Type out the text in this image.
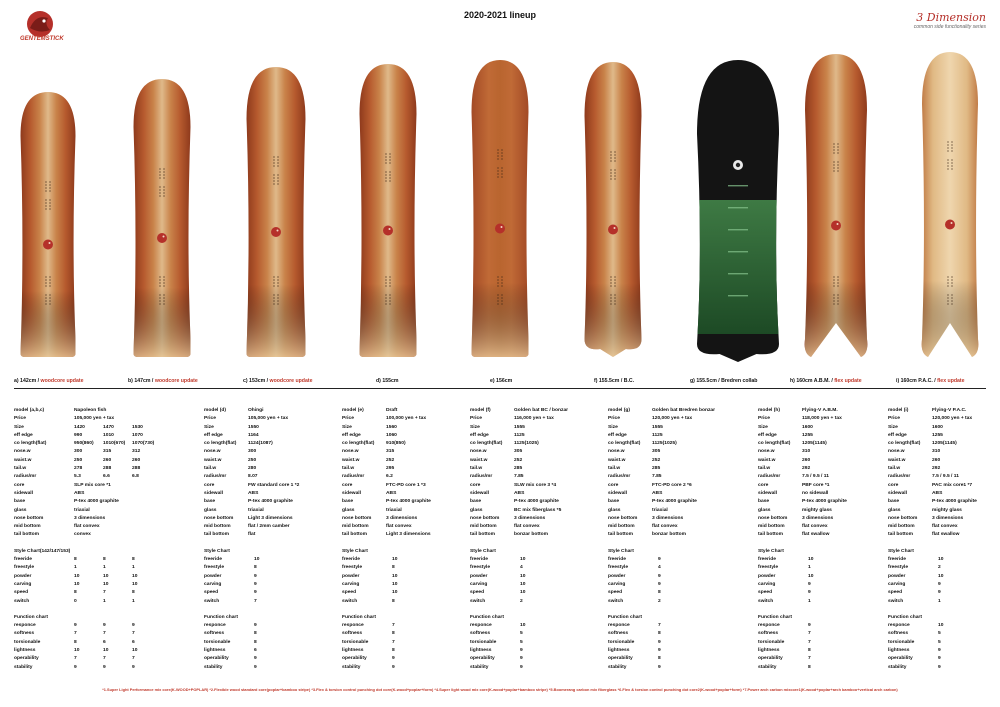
GENTEMSTICK
2020-2021 lineup	3 Dimension
common side functionality series
a) 142cm / woodcore update	b) 147cm / woodcore update	c) 153cm / woodcore update	d) 155cm	e) 156cm	f) 155.5cm / B.C.	g) 155.5cm / Bredren collab	h) 160cm A.B.M. / flex update	i) 160cm P.A.C. / flex update
model (a,b,c)	Napoleon fish
Price	105,000 yen + tax
Size	1420	1470	1530
eff edge	990	1010	1070
co length(flat)	950(860) 1010(670) 1070(730)
nose.w	300	315	312
waist.w	250	260	260
tail.w	278	288	288
radius/mr	5.3	6.6	6.8
core	SLP mix core *1
sidewall	ABS
base	P-tex 4000 graphite
glass	triaxial
nose bottom	3 dimensions
mid bottom	flat convex
tail bottom	convex
Style Chart(142/147/153)
freeride	8	8	8
freestyle	1	1	1
powder	10	10	10
carving	10	10	10
speed	8	7	8
switch	0	1	1
Function chart
responce	9	9	9
softness	7	7	7
torsionable	8	6	6
lightness	10	10	10
operability	7	7	7
stability	9	9	9
model (d)	Ohingi
Price	105,000 yen + tax
Size	1550
eff edge	1164
co length(flat) 1124(1087)
nose.w	300
waist.w	250
tail.w	280
radius/mr	8.07
core	FW standard core 1 *2
sidewall	ABS
base	P-tex 4000 graphite
glass	triaxial
nose bottom	Light 3 dimensions
mid bottom	flat / 2mm camber
tail bottom	flat
Style Chart
freeride	10
freestyle	8
powder	9
carving	9
speed	9
switch	7
Function chart
responce	9
softness	8
torsionable	8
lightness	6
operability	9
stability	9
model (e)	Draft
Price	100,000 yen + tax
Size	1560
eff edge	1060
co length(flat) 910(850)
nose.w	315
waist.w	252
tail.w	295
radius/mr	6.2
core	FTC-PD core 1 *3
sidewall	ABS
base	P-tex 4000 graphite
glass	triaxial
nose bottom	3 dimensions
mid bottom	flat convex
tail bottom	Light 3 dimensions
Style Chart
freeride	10
freestyle	8
powder	10
carving	10
speed	10
switch	8
Function chart
responce	7
softness	8
torsionable	7
lightness	8
operability	9
stability	9
model (f)	Golden bat BC / bonzar
Price	116,000 yen + tax
Size	1555
eff edge	1125
co length(flat) 1125(1025)
nose.w	305
waist.w	252
tail.w	285
radius/mr	7.85
core	SLW mix core 3 *4
sidewall	ABS
base	P-tex 4000 graphite
glass	BC mix fiberglass *5
nose bottom	3 dimensions
mid bottom	flat convex
tail bottom	bonzar bottom
Style Chart
freeride	10
freestyle	4
powder	10
carving	10
speed	10
switch	2
Function chart
responce	10
softness	5
torsionable	5
lightness	9
operability	9
stability	9
model (g)	Golden bat Bredren bonzar
Price	120,000 yen + tax
Size	1555
eff edge	1125
co length(flat) 1125(1025)
nose.w	305
waist.w	252
tail.w	285
radius/mr	7.85
core	FTC-PD core 2 *6
sidewall	ABS
base	P-tex 4000 graphite
glass	triaxial
nose bottom	3 dimensions
mid bottom	flat convex
tail bottom	bonzar bottom
Style Chart
freeride	9
freestyle	4
powder	9
carving	9
speed	8
switch	2
Function chart
responce	7
softness	8
torsionable	9
lightness	9
operability	8
stability	9
model (h)	Flying-V A.B.M.
Price	118,000 yen + tax
Size	1600
eff edge	1255
co length(flat) 1205(1145)
nose.w	310
waist.w	260
tail.w	292
radius/mr	7.5 / 9.5 / 11
core	PBF core *1
sidewall	no sidewall
base	P-tex 4000 graphite
glass	mighty glass
nose bottom	3 dimensions
mid bottom	flat convex
tail bottom	flat swallow
Style Chart
freeride	10
freestyle	1
powder	10
carving	9
speed	9
switch	1
Function chart
responce	9
softness	7
torsionable	7
lightness	8
operability	7
stability	8
model (i)	Flying-V P.A.C.
Price	120,000 yen + tax
Size	1600
eff edge	1255
co length(flat) 1205(1145)
nose.w	310
waist.w	260
tail.w	292
radius/mr	7.5 / 9.5 / 11
core	PAC mix core1 *7
sidewall	ABS
base	P-tex 4000 graphite
glass	mighty glass
nose bottom	3 dimensions
mid bottom	flat convex
tail bottom	flat swallow
Style Chart
freeride	10
freestyle	2
powder	10
carving	9
speed	9
switch	1
Function chart
responce	10
softness	5
torsionable	5
lightness	9
operability	9
stability	9
*1.Super Light Performance mix core(K-WOOD+POPLAR) *2.Flexible wood standard core(poplar+bamboo stripe) *3.Flex & torsion control punching dot core(K-wood+poplar+form) *4.Super light wood mix core(K-wood+poplar+bamboo stripe) *5.Boomerang carbon mix fiberglass *6.Flex & torsion control punching dot core2(K-wood+poplar+form) *7.Power arch carbon mixcore1(K-wood+poplar+arch bamboo+vertical arch carbon)
